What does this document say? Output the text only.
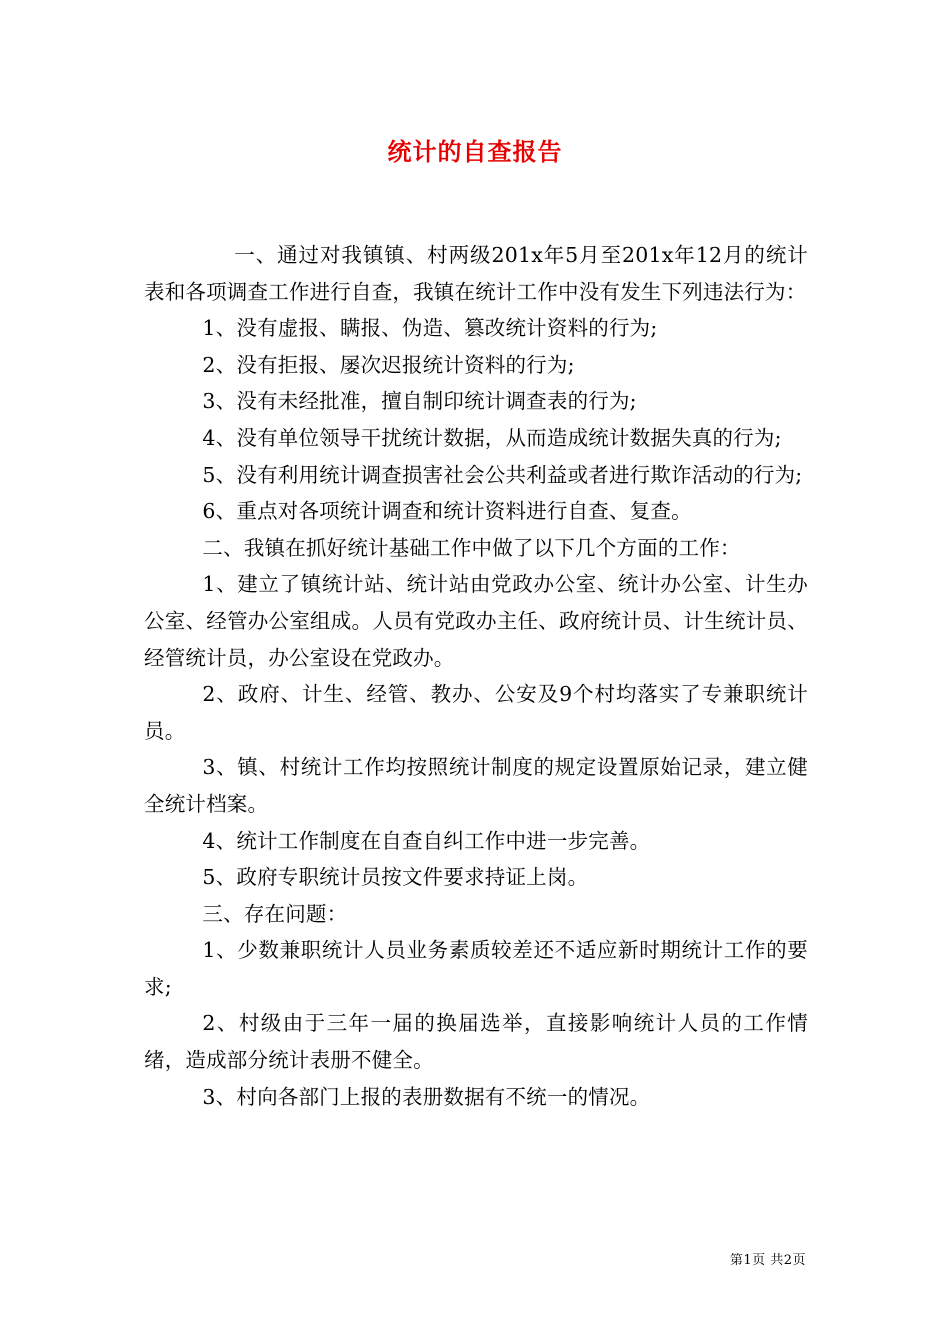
统计的自查报告

一、通过对我镇镇、村两级201x年5月至201x年12月的统计表和各项调查工作进行自查，我镇在统计工作中没有发生下列违法行为：

1、没有虚报、瞒报、伪造、篡改统计资料的行为;

2、没有拒报、屡次迟报统计资料的行为;

3、没有未经批准，擅自制印统计调查表的行为;

4、没有单位领导干扰统计数据，从而造成统计数据失真的行为;

5、没有利用统计调查损害社会公共利益或者进行欺诈活动的行为;

6、重点对各项统计调查和统计资料进行自查、复查。

二、我镇在抓好统计基础工作中做了以下几个方面的工作：

1、建立了镇统计站、统计站由党政办公室、统计办公室、计生办公室、经管办公室组成。人员有党政办主任、政府统计员、计生统计员、经管统计员，办公室设在党政办。

2、政府、计生、经管、教办、公安及9个村均落实了专兼职统计员。

3、镇、村统计工作均按照统计制度的规定设置原始记录，建立健全统计档案。

4、统计工作制度在自查自纠工作中进一步完善。

5、政府专职统计员按文件要求持证上岗。

三、存在问题：

1、少数兼职统计人员业务素质较差还不适应新时期统计工作的要求;

2、村级由于三年一届的换届选举，直接影响统计人员的工作情绪，造成部分统计表册不健全。

3、村向各部门上报的表册数据有不统一的情况。

第1页 共2页
